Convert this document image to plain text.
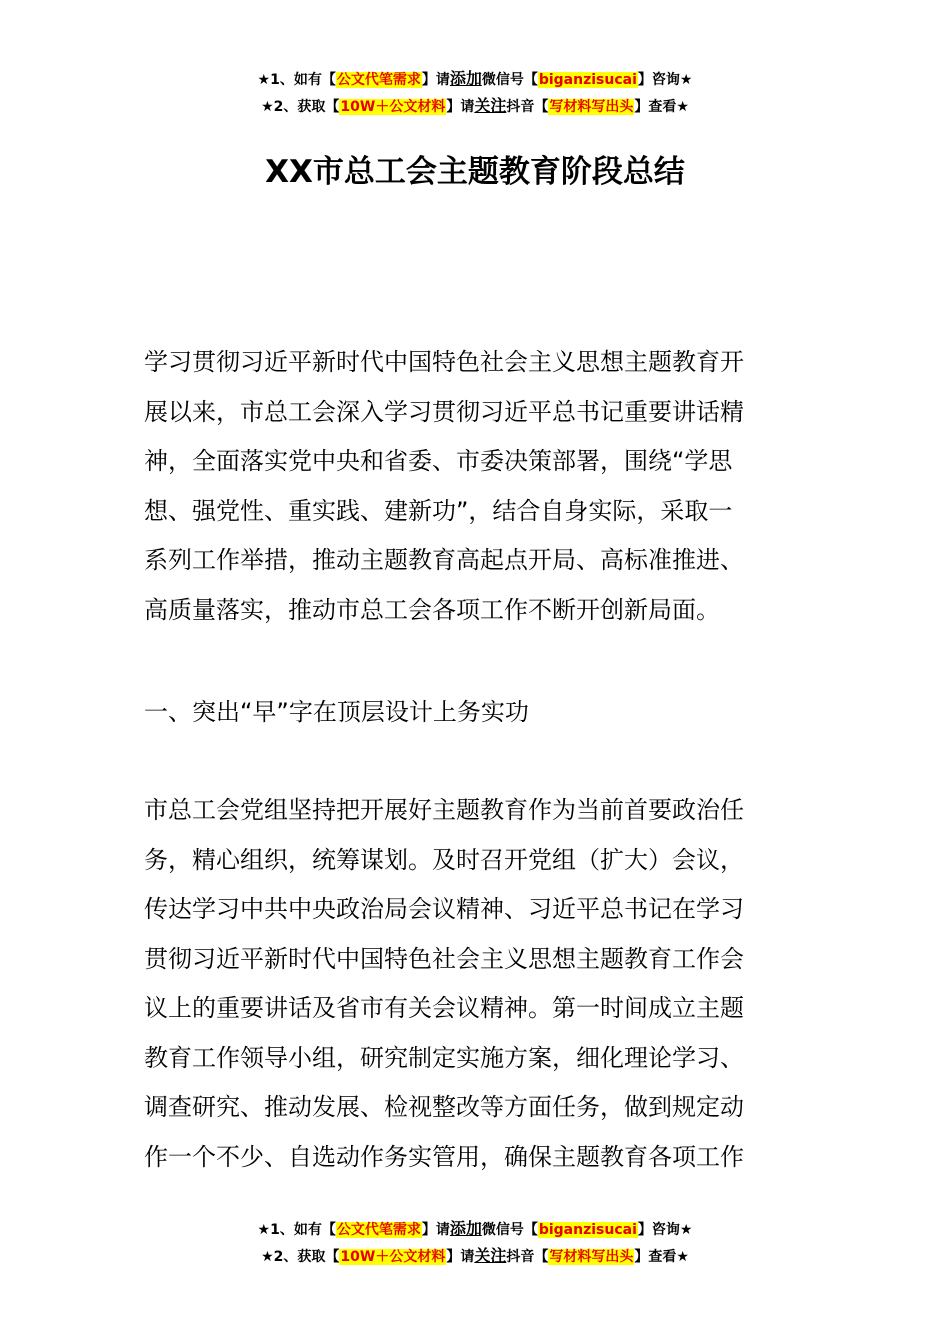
★1、如有【公文代笔需求】请添加微信号【biganzisucai】咨询★
★2、获取【10W＋公文材料】请关注抖音【写材料写出头】查看★
XX市总工会主题教育阶段总结
学习贯彻习近平新时代中国特色社会主义思想主题教育开
展以来，市总工会深入学习贯彻习近平总书记重要讲话精
神，全面落实党中央和省委、市委决策部署，围绕“学思
想、强党性、重实践、建新功”，结合自身实际，采取一
系列工作举措，推动主题教育高起点开局、高标准推进、
高质量落实，推动市总工会各项工作不断开创新局面。
一、突出“早”字在顶层设计上务实功
市总工会党组坚持把开展好主题教育作为当前首要政治任
务，精心组织，统筹谋划。及时召开党组（扩大）会议，
传达学习中共中央政治局会议精神、习近平总书记在学习
贯彻习近平新时代中国特色社会主义思想主题教育工作会
议上的重要讲话及省市有关会议精神。第一时间成立主题
教育工作领导小组，研究制定实施方案，细化理论学习、
调查研究、推动发展、检视整改等方面任务，做到规定动
作一个不少、自选动作务实管用，确保主题教育各项工作
★1、如有【公文代笔需求】请添加微信号【biganzisucai】咨询★
★2、获取【10W＋公文材料】请关注抖音【写材料写出头】查看★
